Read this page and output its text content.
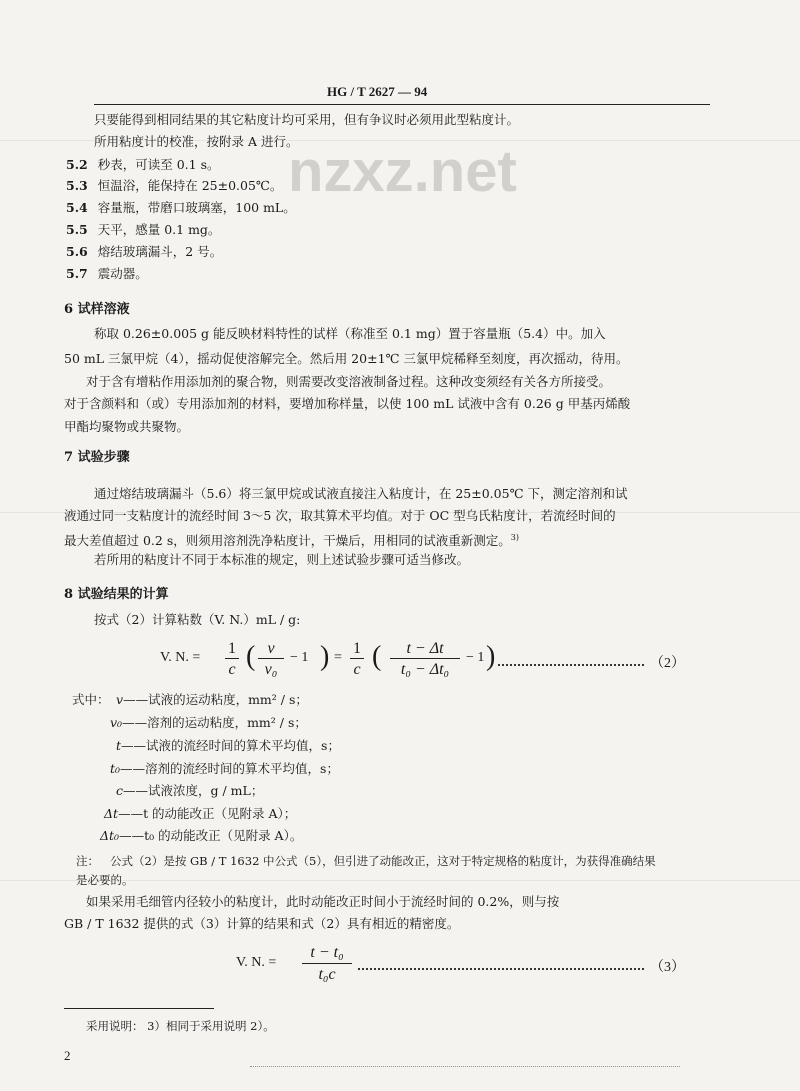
nzxz.net
HG / T 2627 — 94
只要能得到相同结果的其它粘度计均可采用，但有争议时必须用此型粘度计。
所用粘度计的校准，按附录 A 进行。
5.2 秒表，可读至 0.1 s。
5.3 恒温浴，能保持在 25±0.05℃。
5.4 容量瓶，带磨口玻璃塞，100 mL。
5.5 天平，感量 0.1 mg。
5.6 熔结玻璃漏斗，2 号。
5.7 震动器。
6 试样溶液
称取 0.26±0.005 g 能反映材料特性的试样（称准至 0.1 mg）置于容量瓶（5.4）中。加入
50 mL 三氯甲烷（4），摇动促使溶解完全。然后用 20±1℃ 三氯甲烷稀释至刻度，再次摇动，待用。
对于含有增粘作用添加剂的聚合物，则需要改变溶液制备过程。这种改变须经有关各方所接受。
对于含颜料和（或）专用添加剂的材料，要增加称样量，以使 100 mL 试液中含有 0.26 g 甲基丙烯酸
甲酯均聚物或共聚物。
7 试验步骤
通过熔结玻璃漏斗（5.6）将三氯甲烷或试液直接注入粘度计，在 25±0.05℃ 下，测定溶剂和试
液通过同一支粘度计的流经时间 3～5 次，取其算术平均值。对于 OC 型乌氏粘度计，若流经时间的
最大差值超过 0.2 s，则须用溶剂洗净粘度计，干燥后，用相同的试液重新测定。$^{3)}$
若所用的粘度计不同于本标准的规定，则上述试验步骤可适当修改。
8 试验结果的计算
按式（2）计算粘数（V. N.）mL / g:
V. N. =
1
c ( v
v₀
− 1 ) =
1
c (	t − Δt
t₀ − Δt₀
− 1 )	（2）
式中： v——试液的运动粘度，mm² / s；
v₀——溶剂的运动粘度，mm² / s；
t——试液的流经时间的算术平均值，s；
t₀——溶剂的流经时间的算术平均值，s；
c——试液浓度，g / mL；
Δt——t 的动能改正（见附录 A）；
Δt₀——t₀ 的动能改正（见附录 A）。
注： 公式（2）是按 GB / T 1632 中公式（5），但引进了动能改正，这对于特定规格的粘度计，为获得准确结果
是必要的。
如果采用毛细管内径较小的粘度计，此时动能改正时间小于流经时间的 0.2%，则与按
GB / T 1632 提供的式（3）计算的结果和式（2）具有相近的精密度。
V. N. =
t − t₀
t₀c	（3）
采用说明： 3）相同于采用说明 2）。
2
